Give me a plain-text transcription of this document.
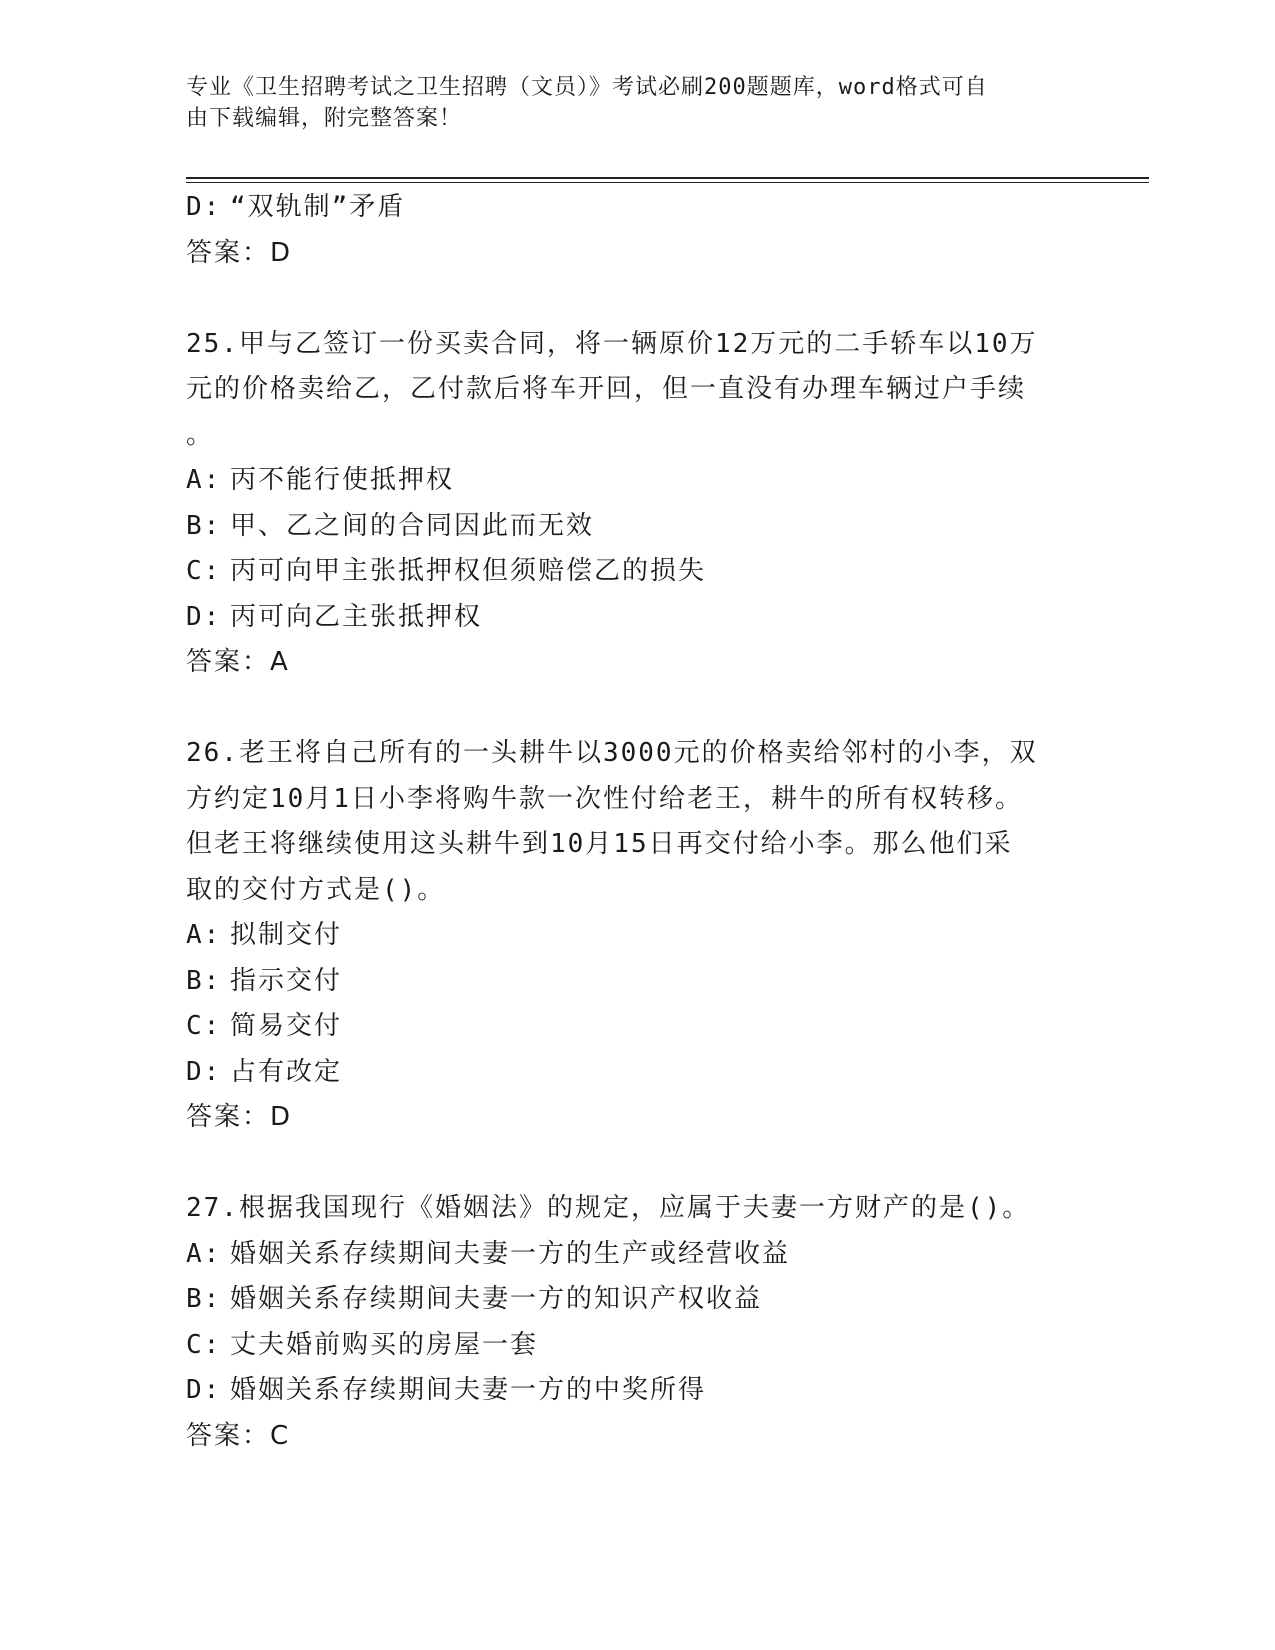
专业《卫生招聘考试之卫生招聘（文员）》考试必刷200题题库，word格式可自
由下载编辑，附完整答案！
D: “双轨制”矛盾
答案：D
25.甲与乙签订一份买卖合同，将一辆原价12万元的二手轿车以10万
元的价格卖给乙，乙付款后将车开回，但一直没有办理车辆过户手续
。
A: 丙不能行使抵押权
B: 甲、乙之间的合同因此而无效
C: 丙可向甲主张抵押权但须赔偿乙的损失
D: 丙可向乙主张抵押权
答案：A
26.老王将自己所有的一头耕牛以3000元的价格卖给邻村的小李，双
方约定10月1日小李将购牛款一次性付给老王，耕牛的所有权转移。
但老王将继续使用这头耕牛到10月15日再交付给小李。那么他们采
取的交付方式是()。
A: 拟制交付
B: 指示交付
C: 简易交付
D: 占有改定
答案：D
27.根据我国现行《婚姻法》的规定，应属于夫妻一方财产的是()。
A: 婚姻关系存续期间夫妻一方的生产或经营收益
B: 婚姻关系存续期间夫妻一方的知识产权收益
C: 丈夫婚前购买的房屋一套
D: 婚姻关系存续期间夫妻一方的中奖所得
答案：C
